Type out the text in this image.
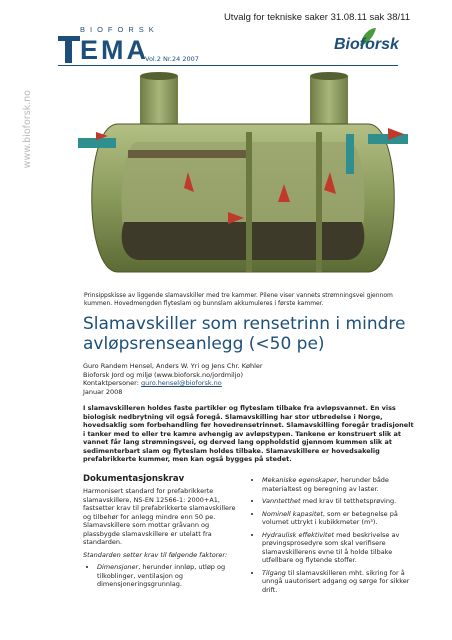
Utvalg for tekniske saker 31.08.11 sak 38/11
BIOFORSK
EMA
Vol.2 Nr.24 2007
Bioforsk
www.bioforsk.no
Prinsippskisse av liggende slamavskiller med tre kammer. Pilene viser vannets strømningsvei gjennom kummen. Hovedmengden flyteslam og bunnslam akkumuleres i første kammer.
Slamavskiller som rensetrinn i mindre avløpsrenseanlegg (<50 pe)
Guro Randem Hensel, Anders W. Yri og Jens Chr. Køhler
Bioforsk Jord og miljø (www.bioforsk.no/jordmiljo)
Kontaktpersoner: guro.hensel@bioforsk.no
Januar 2008
I slamavskilleren holdes faste partikler og flyteslam tilbake fra avløpsvannet. En viss biologisk nedbrytning vil også foregå. Slamavskilling har stor utbredelse i Norge, hovedsaklig som forbehandling før hovedrensetrinnet. Slamavskilling foregår tradisjonelt i tanker med to eller tre kamre avhengig av avløpstypen. Tankene er konstruert slik at vannet får lang strømningsvei, og derved lang oppholdstid gjennom kummen slik at sedimenterbart slam og flyteslam holdes tilbake. Slamavskillere er hovedsakelig prefabrikkerte kummer, men kan også bygges på stedet.
Dokumentasjonskrav

Harmonisert standard for prefabrikkerte slamavskillere, NS-EN 12566-1: 2000+A1, fastsetter krav til prefabrikkerte slamavskillere og tilbehør for anlegg mindre enn 50 pe. Slamavskillere som mottar gråvann og plassbygde slamavskillere er utelatt fra standarden.

Standarden setter krav til følgende faktorer:

• Dimensjoner, herunder innløp, utløp og tilkoblinger, ventilasjon og dimensjoneringsgrunnlag.
• Mekaniske egenskaper, herunder både materialtest og beregning av laster.
• Vanntetthet med krav til tetthetsprøving.
• Nominell kapasitet, som er betegnelse på volumet uttrykt i kubikkmeter (m³).
• Hydraulisk effektivitet med beskrivelse av prøvingsprosedyre som skal verifisere slamavskillerens evne til å holde tilbake utfellbare og flytende stoffer.
• Tilgang til slamavskilleren mht. sikring for å unngå uautorisert adgang og sørge for sikker drift.
